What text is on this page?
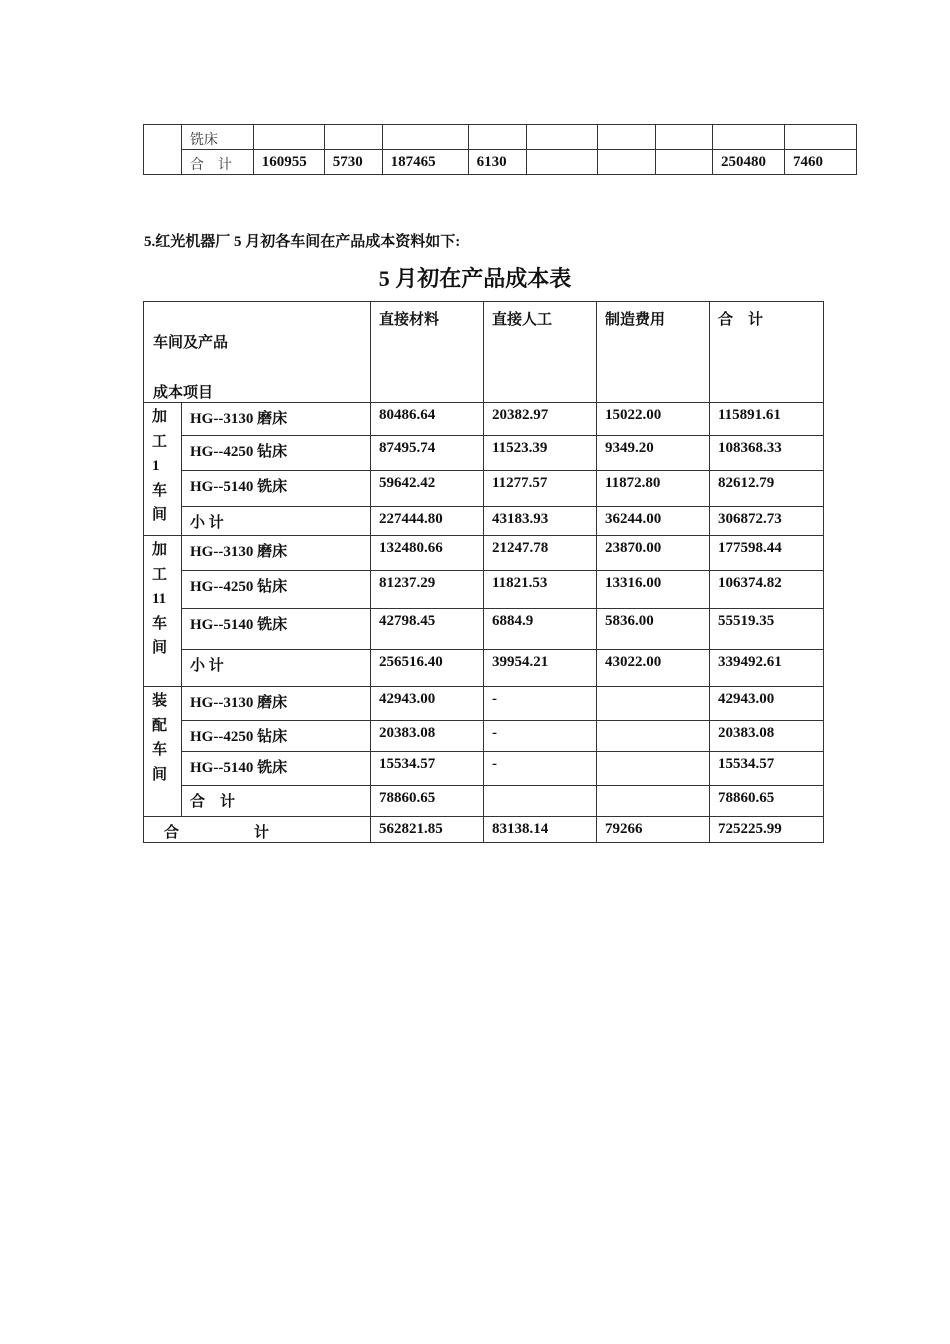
	铣床									
	合　计	160955	5730	187465	6130				250480	7460
5.红光机器厂 5 月初各车间在产品成本资料如下:
5 月初在产品成本表
车间及产品
成本项目		直接材料	直接人工	制造费用	合　计

加
工
1
车
间	HG--3130 磨床	80486.64	20382.97	15022.00	115891.61
	HG--4250 钻床	87495.74	11523.39	9349.20	108368.33
	HG--5140 铣床	59642.42	11277.57	11872.80	82612.79
	小 计	227444.80	43183.93	36244.00	306872.73

加
工
11
车
间	HG--3130 磨床	132480.66	21247.78	23870.00	177598.44
	HG--4250 钻床	81237.29	11821.53	13316.00	106374.82
	HG--5140 铣床	42798.45	6884.9	5836.00	55519.35
	小 计	256516.40	39954.21	43022.00	339492.61

装
配
车
间	HG--3130 磨床	42943.00	-		42943.00
	HG--4250 钻床	20383.08	-		20383.08
	HG--5140 铣床	15534.57	-		15534.57
	合　计	78860.65			78860.65
合　　　　　计		562821.85	83138.14	79266	725225.99
